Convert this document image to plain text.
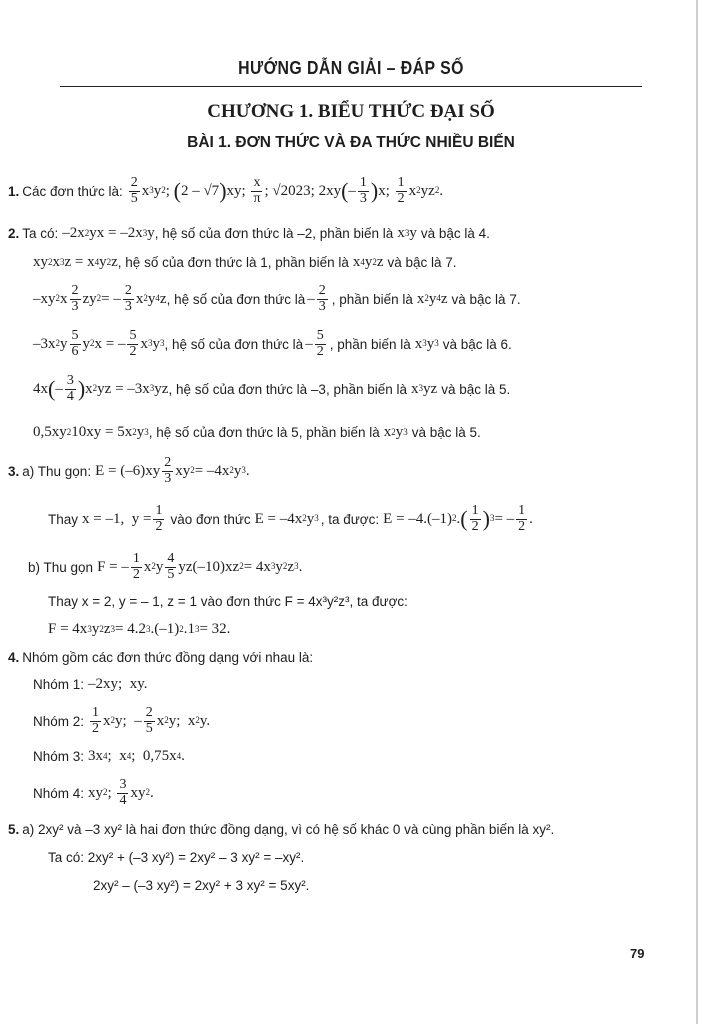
HƯỚNG DẪN GIẢI – ĐÁP SỐ
CHƯƠNG 1. BIỂU THỨC ĐẠI SỐ
BÀI 1. ĐƠN THỨC VÀ ĐA THỨC NHIỀU BIẾN
1. Các đơn thức là: $\frac{2}{5} x^3$ $y^2$ ; ( 2 – √7 ) xy; $\frac{x}{\pi}$ ; √2023; 2xy ( – $\frac{1}{3}$ ) x; $\frac{1}{2} x^2$ $yz^2$ .
2. Ta có: $-2x^2$ yx = $-2x^3$ y , hệ số của đơn thức là –2, phần biến là $x^3$ y và bậc là 4.
$xy^2$ $x^3$ $z = x^4$ $y^2$ z , hệ số của đơn thức là 1, phần biến là $x^4$ $y^2$ z và bậc là 7.
$-xy^2$ x $\frac{2}{3} zy^2$ = – $\frac{2}{3} x^2$ $y^4$ z , hệ số của đơn thức là – $\frac{2}{3}$ , phần biến là $x^2$ $y^4$ z và bậc là 7.
$-3x^2$ y $\frac{5}{6} y^2$ x = – $\frac{5}{2} x^3$ $y^3$ , hệ số của đơn thức là – $\frac{5}{2}$ , phần biến là $x^3$ $y^3$ và bậc là 6.
4x ( – $\frac{3}{4}$ ) $x^2$ yz = $-3x^3$ yz , hệ số của đơn thức là –3, phần biến là $x^3$ yz và bậc là 5.
$0,5xy^2$ $10xy = 5x^2$ $y^3$ , hệ số của đơn thức là 5, phần biến là $x^2$ $y^3$ và bậc là 5.
3. a) Thu gọn: $E = (-6)xy \frac{2}{3} xy^2 = -4x^2$ $y^3$ .
Thay x = –1,  $y = \frac{1}{2}$ vào đơn thức $E = -4x^2$ $y^3$ , ta được: $E = -4.(-1)^2$ . ( $\frac{1}{2} )^3$ = – $\frac{1}{2}$ .
b) Thu gọn F = – $\frac{1}{2} x^2$ y $\frac{4}{5} yz(-10)xz^2 = 4x^3$ $y^2$ $z^3$ .
Thay x = 2, y = – 1, z = 1 vào đơn thức F = 4x³y²z³, ta được:
$F = 4x^3$ $y^2$ $z^3 = 4.2^3$ $.(-1)^2$ $.1^3 = 32$.
4. Nhóm gồm các đơn thức đồng dạng với nhau là:
Nhóm 1: –2xy;  xy.
Nhóm 2: $\frac{1}{2} x^2$ y;  – $\frac{2}{5} x^2$ y;  $x^2$ y.
Nhóm 3: $3x^4$ ;  $x^4$ ;  $0,75x^4$ .
Nhóm 4: $xy^2$ ; $\frac{3}{4} xy^2$ .
5. a) 2xy² và –3 xy² là hai đơn thức đồng dạng, vì có hệ số khác 0 và cùng phần biến là xy².
Ta có: 2xy² + (–3 xy²) = 2xy² – 3 xy² = –xy².
2xy² – (–3 xy²) = 2xy² + 3 xy² = 5xy².
79
